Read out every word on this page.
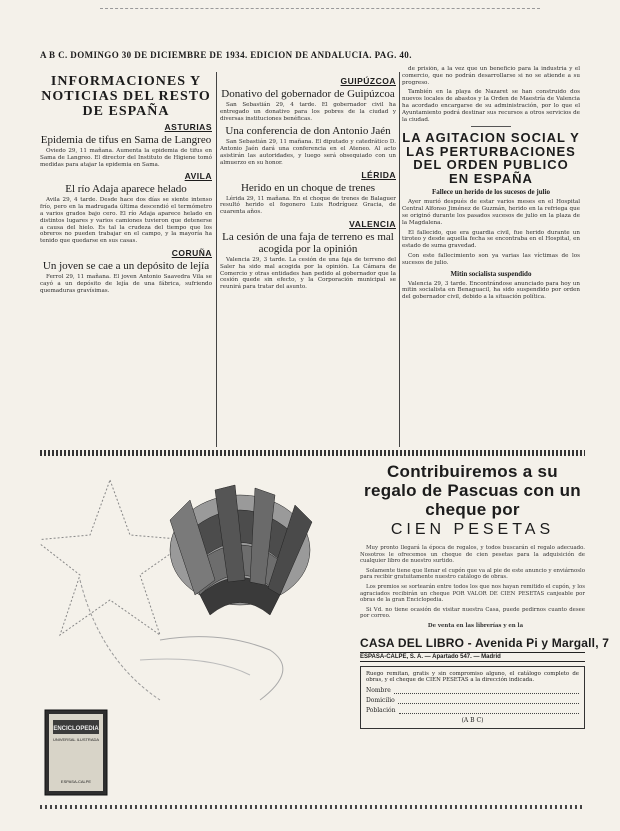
A B C. DOMINGO 30 DE DICIEMBRE DE 1934. EDICION DE ANDALUCIA. PAG. 40.
INFORMACIONES Y NOTICIAS DEL RESTO DE ESPAÑA
ASTURIAS
Epidemia de tifus en Sama de Langreo

Oviedo 29, 11 mañana. Aumenta la epidemia de tifus en Sama de Langreo. El director del Instituto de Higiene tomó medidas para atajar la epidemia en Sama.

AVILA
El río Adaja aparece helado

Avila 29, 4 tarde. Desde hace dos días se siente intenso frío, pero en la madrugada última descendió el termómetro a varios grados bajo cero. El río Adaja aparece helado en distintos lugares y varios camiones tuvieron que detenerse a causa del hielo. Es tal la crudeza del tiempo que los obreros no pueden trabajar en el campo, y la mayoría ha tenido que quedarse en sus casas.

CORUÑA
Un joven se cae a un depósito de lejía

Ferrol 29, 11 mañana. El joven Antonio Saavedra Vila se cayó a un depósito de lejía de una fábrica, sufriendo quemaduras gravísimas.

GUIPÚZCOA
Donativo del gobernador de Guipúzcoa

San Sebastián 29, 4 tarde. El gobernador civil ha entregado un donativo para los pobres de la ciudad y diversas instituciones benéficas.

Una conferencia de don Antonio Jaén

San Sebastián 29, 11 mañana. El diputado y catedrático D. Antonio Jaén dará una conferencia en el Ateneo. Al acto asistirán las autoridades, y luego será obsequiado con un almuerzo en su honor.

LÉRIDA
Herido en un choque de trenes

Lérida 29, 11 mañana. En el choque de trenes de Balaguer resultó herido el fogonero Luis Rodríguez Gracia, de cuarenta años.

VALENCIA
La cesión de una faja de terreno es mal acogida por la opinión

Valencia 29, 3 tarde. La cesión de una faja de terreno del Saler ha sido mal acogida por la opinión. La Cámara de Comercio y otras entidades han pedido al gobernador que la cesión quede sin efecto, y la Corporación municipal se reunirá para tratar del asunto.

de prisión, a la vez que un beneficio para la industria y el comercio, que no podrán desarrollarse si no se atiende a su progreso.

También en la playa de Nazaret se han construido dos nuevos locales de abastos y la Orden de Maestría de Valencia ha acordado encargarse de su administración, por lo que el Ayuntamiento podrá destinar sus recursos a otros servicios de la ciudad.

LA AGITACION SOCIAL Y LAS PERTURBACIONES DEL ORDEN PUBLICO EN ESPAÑA
Fallece un herido de los sucesos de julio

Ayer murió después de estar varios meses en el Hospital Central Alfonso Jiménez de Guzmán, herido en la refriega que se originó durante los pasados sucesos de julio en la plaza de la Magdalena.

El fallecido, que era guardia civil, fue herido durante un tiroteo y desde aquella fecha se encontraba en el Hospital, en estado de suma gravedad.

Con este fallecimiento son ya varias las víctimas de los sucesos de julio.

Mitin socialista suspendido

Valencia 29, 3 tarde. Encontrándose anunciado para hoy un mitin socialista en Benaguacil, ha sido suspendido por orden del gobernador civil, debido a la situación política.

ENCICLOPEDIA
UNIVERSAL ILUSTRADA
ESPASA-CALPE
Contribuiremos a su regalo de Pascuas con un cheque por
CIEN PESETAS

Muy pronto llegará la época de regalos, y todos buscarán el regalo adecuado. Nosotros le ofrecemos un cheque de cien pesetas para la adquisición de cualquier libro de nuestro surtido.

Solamente tiene que llenar el cupón que va al pie de este anuncio y enviárnoslo para recibir gratuitamente nuestro catálogo de obras.

Los premios se sortearán entre todos los que nos hayan remitido el cupón, y los agraciados recibirán un cheque POR VALOR DE CIEN PESETAS canjeable por obras de la gran Enciclopedia.

Si Vd. no tiene ocasión de visitar nuestra Casa, puede pedirnos cuanto desee por correo.

De venta en las librerías y en la

CASA DEL LIBRO - Avenida Pi y Margall, 7
ESPASA-CALPE, S. A. — Apartado 547. — Madrid
Ruego remitan, gratis y sin compromiso alguno, el catálogo completo de obras, y el cheque de CIEN PESETAS a la dirección indicada.
Nombre
Domicilio
Población
(A B C)
